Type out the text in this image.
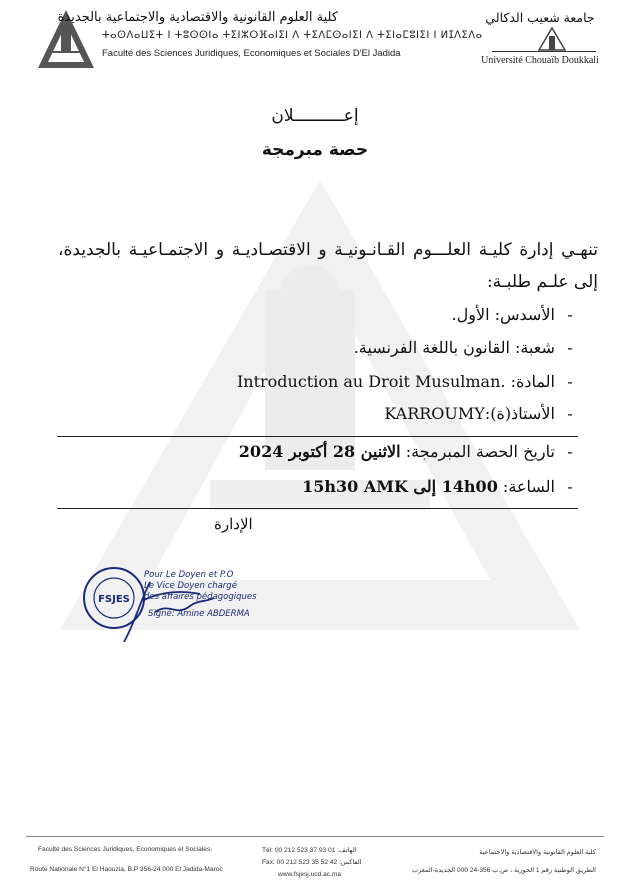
كلية العلوم القانونية والاقتصادية والاجتماعية بالجديدة
ⵜⴰⵙⴷⴰⵡⵉⵜ ⵏ ⵜⵓⵙⵙⵏⴰ ⵜⵉⵏⵣⵔⴼⴰⵏⵉⵏ ⴷ ⵜⵉⴷⵎⵙⴰⵏⵉⵏ ⴷ ⵜⵉⵏⴰⵎⵓⵏⵉⵏ ⵏ ⵍⵊⴷⵉⴷⴰ
Faculté des Sciences Juridiques, Economiques et Sociales D'El Jadida
جامعة شعيب الدكالي
Université Chouaïb Doukkali
إعــــــــــلان
حصة مبرمجة
تنهـي إدارة كليـة العلـــوم القـانـونيـة و الاقتصـاديـة و الاجتمـاعيـة بالجديدة، إلى علـم طلبـة:
- الأسدس: الأول.
- شعبة: القانون باللغة الفرنسية.
- المادة: Introduction au Droit Musulman.
- الأستاذ(ة):KARROUMY
- تاريخ الحصة المبرمجة: الاثنين 28 أكتوبر 2024
- الساعة: 14h00 إلى 15h30 AMK
الإدارة
FSJES
Pour Le Doyen et P.O
Le Vice Doyen chargé
des affaires pédagogiques
Signé: Amine ABDERMA
Faculté des Sciences Juridiques, Economiques et Sociales.
Route Nationale N°1 El Haouzia, B.P 356-24 000 El Jadida-Maroc
Tél: 00 212 523 37 93 01 :الهاتف
Fax: 00 212 523 35 52 42 :الفاكس
www.fsjesj.ucd.ac.ma
كلية العلوم القانونية والاقتصادية والاجتماعية
الطريق الوطنية رقم 1 الحوزية ، ص.ب 356-24 000 الجديدة-المغرب
